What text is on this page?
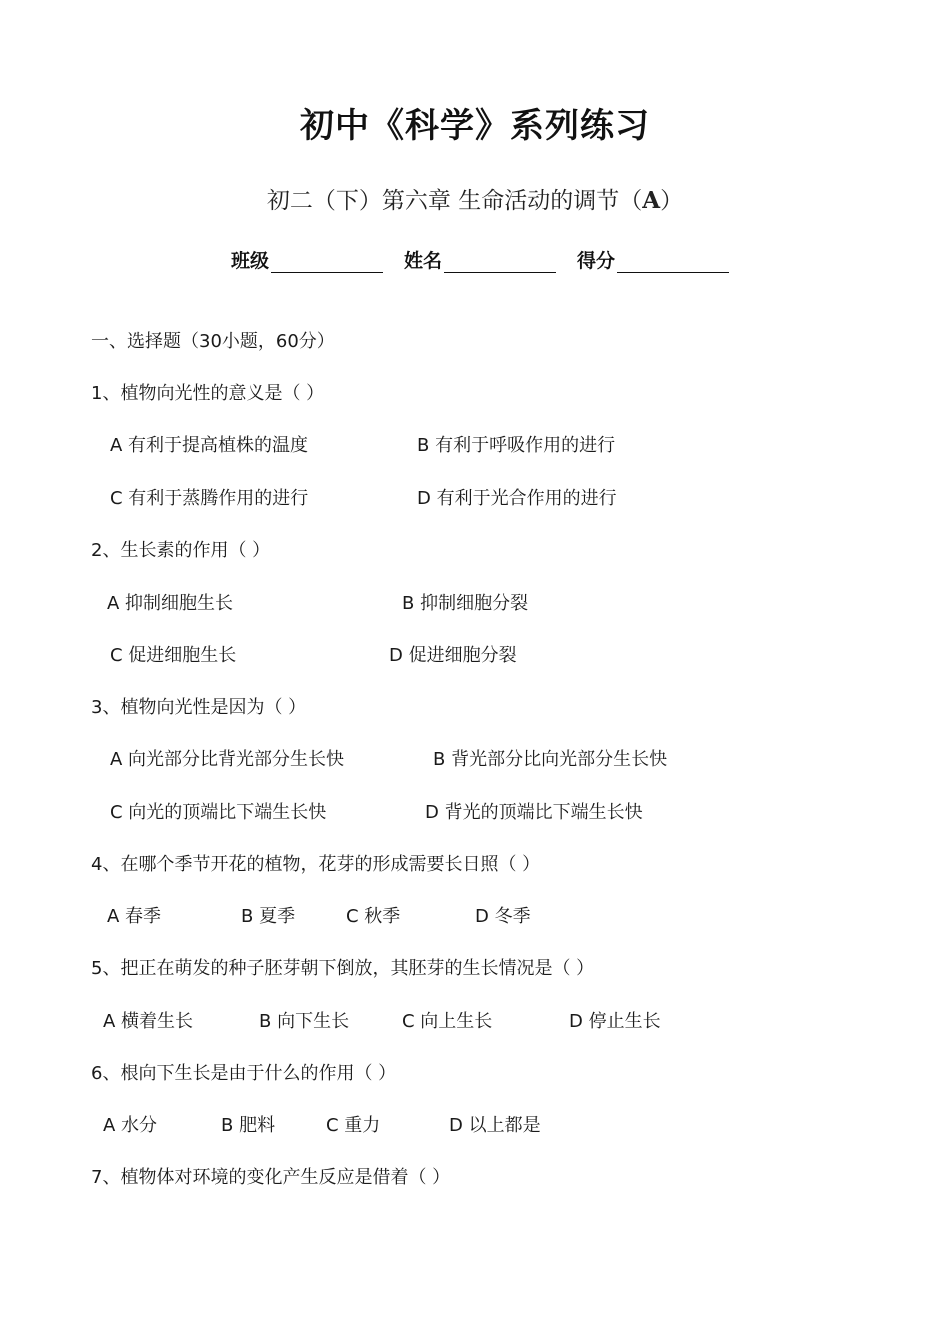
初中《科学》系列练习
初二（下）第六章 生命活动的调节（A）
班级	姓名	得分
一、选择题（30小题，60分）
1、植物向光性的意义是（ ）
A 有利于提高植株的温度	B 有利于呼吸作用的进行
C 有利于蒸腾作用的进行	D 有利于光合作用的进行
2、生长素的作用（ ）
A 抑制细胞生长	B 抑制细胞分裂
C 促进细胞生长	D 促进细胞分裂
3、植物向光性是因为（ ）
A 向光部分比背光部分生长快	B 背光部分比向光部分生长快
C 向光的顶端比下端生长快	D 背光的顶端比下端生长快
4、在哪个季节开花的植物，花芽的形成需要长日照（ ）
A 春季	B 夏季	C 秋季	D 冬季
5、把正在萌发的种子胚芽朝下倒放，其胚芽的生长情况是（ ）
A 横着生长	B 向下生长	C 向上生长	D 停止生长
6、根向下生长是由于什么的作用（ ）
A 水分	B 肥料	C 重力	D 以上都是
7、植物体对环境的变化产生反应是借着（ ）
